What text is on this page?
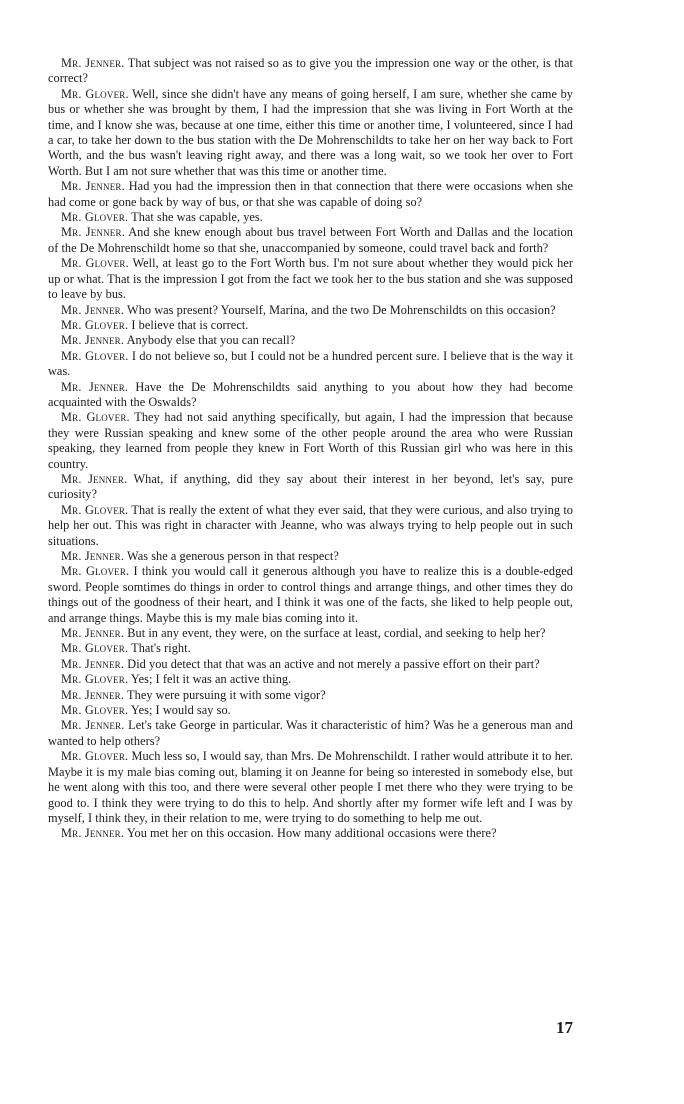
Mr. Jenner. That subject was not raised so as to give you the impression one way or the other, is that correct?
Mr. Glover. Well, since she didn't have any means of going herself, I am sure, whether she came by bus or whether she was brought by them, I had the impression that she was living in Fort Worth at the time, and I know she was, because at one time, either this time or another time, I volunteered, since I had a car, to take her down to the bus station with the De Mohrenschildts to take her on her way back to Fort Worth, and the bus wasn't leaving right away, and there was a long wait, so we took her over to Fort Worth. But I am not sure whether that was this time or another time.
Mr. Jenner. Had you had the impression then in that connection that there were occasions when she had come or gone back by way of bus, or that she was capable of doing so?
Mr. Glover. That she was capable, yes.
Mr. Jenner. And she knew enough about bus travel between Fort Worth and Dallas and the location of the De Mohrenschildt home so that she, unaccompanied by someone, could travel back and forth?
Mr. Glover. Well, at least go to the Fort Worth bus. I'm not sure about whether they would pick her up or what. That is the impression I got from the fact we took her to the bus station and she was supposed to leave by bus.
Mr. Jenner. Who was present? Yourself, Marina, and the two De Mohrenschildts on this occasion?
Mr. Glover. I believe that is correct.
Mr. Jenner. Anybody else that you can recall?
Mr. Glover. I do not believe so, but I could not be a hundred percent sure. I believe that is the way it was.
Mr. Jenner. Have the De Mohrenschildts said anything to you about how they had become acquainted with the Oswalds?
Mr. Glover. They had not said anything specifically, but again, I had the impression that because they were Russian speaking and knew some of the other people around the area who were Russian speaking, they learned from people they knew in Fort Worth of this Russian girl who was here in this country.
Mr. Jenner. What, if anything, did they say about their interest in her beyond, let's say, pure curiosity?
Mr. Glover. That is really the extent of what they ever said, that they were curious, and also trying to help her out. This was right in character with Jeanne, who was always trying to help people out in such situations.
Mr. Jenner. Was she a generous person in that respect?
Mr. Glover. I think you would call it generous although you have to realize this is a double-edged sword. People somtimes do things in order to control things and arrange things, and other times they do things out of the goodness of their heart, and I think it was one of the facts, she liked to help people out, and arrange things. Maybe this is my male bias coming into it.
Mr. Jenner. But in any event, they were, on the surface at least, cordial, and seeking to help her?
Mr. Glover. That's right.
Mr. Jenner. Did you detect that that was an active and not merely a passive effort on their part?
Mr. Glover. Yes; I felt it was an active thing.
Mr. Jenner. They were pursuing it with some vigor?
Mr. Glover. Yes; I would say so.
Mr. Jenner. Let's take George in particular. Was it characteristic of him? Was he a generous man and wanted to help others?
Mr. Glover. Much less so, I would say, than Mrs. De Mohrenschildt. I rather would attribute it to her. Maybe it is my male bias coming out, blaming it on Jeanne for being so interested in somebody else, but he went along with this too, and there were several other people I met there who they were trying to be good to. I think they were trying to do this to help. And shortly after my former wife left and I was by myself, I think they, in their relation to me, were trying to do something to help me out.
Mr. Jenner. You met her on this occasion. How many additional occasions were there?
17
